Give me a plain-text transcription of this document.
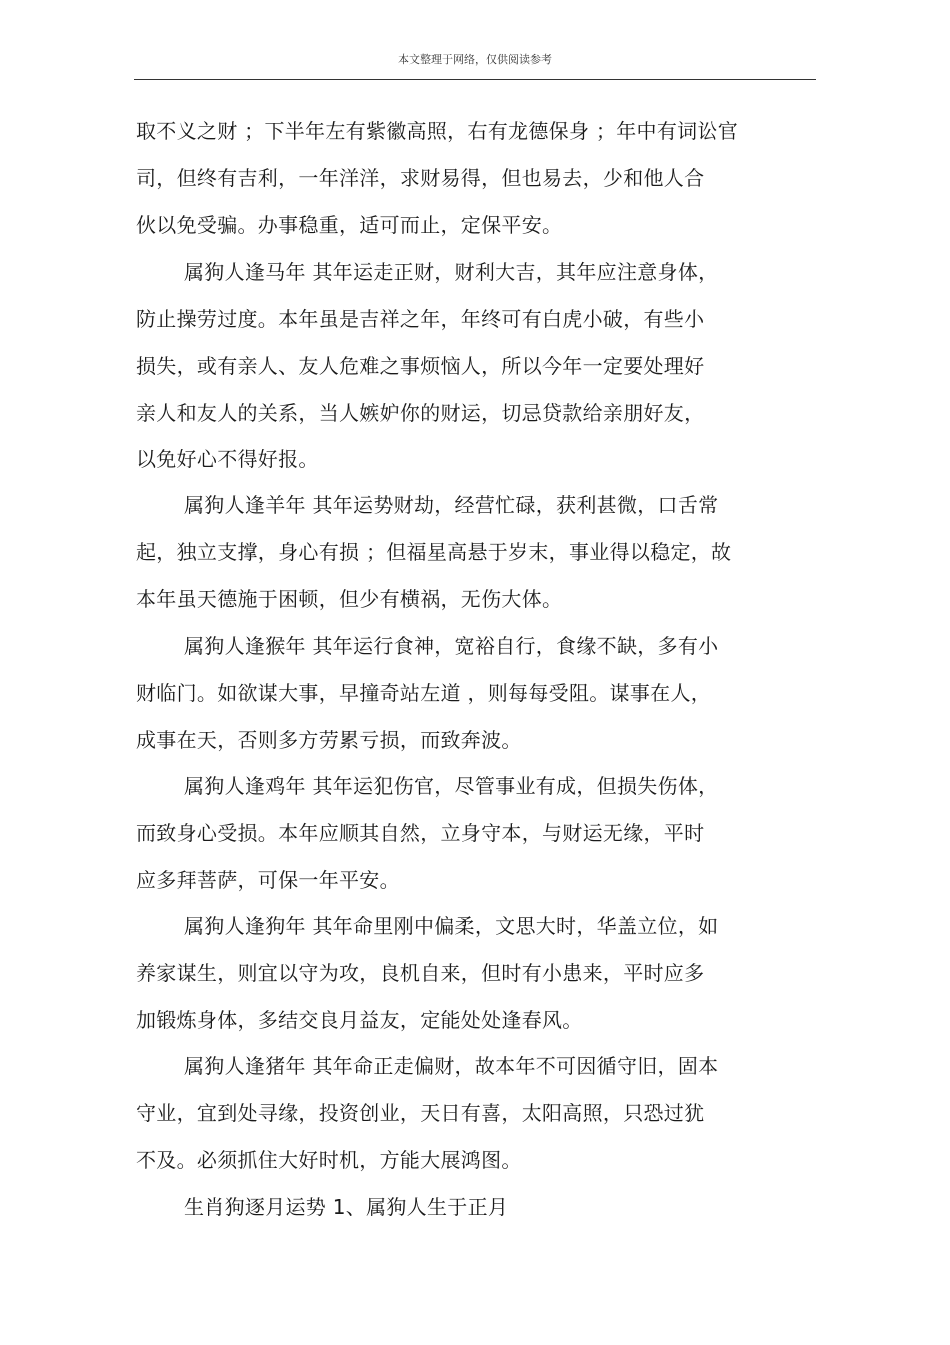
$^{本文整理于网络,仅供阅读参考}$
取不义之财 ；下半年左有紫徽高照，右有龙德保身 ；年中有词讼官
司，但终有吉利，一年洋洋，求财易得，但也易去，少和他人合
伙以免受骗。办事稳重，适可而止，定保平安。
属狗人逢马年 其年运走正财，财利大吉，其年应注意身体，
防止操劳过度。本年虽是吉祥之年，年终可有白虎小破，有些小
损失，或有亲人、友人危难之事烦恼人，所以今年一定要处理好
亲人和友人的关系，当人嫉妒你的财运，切忌贷款给亲朋好友，
以免好心不得好报。
属狗人逢羊年 其年运势财劫，经营忙碌，获利甚微，口舌常
起，独立支撑，身心有损 ；但福星高悬于岁末，事业得以稳定，故
本年虽天德施于困顿，但少有横祸，无伤大体。
属狗人逢猴年 其年运行食神，宽裕自行，食缘不缺，多有小
财临门。如欲谋大事，早撞奇站左道 ，则每每受阻。谋事在人，
成事在天，否则多方劳累亏损，而致奔波。
属狗人逢鸡年 其年运犯伤官，尽管事业有成，但损失伤体，
而致身心受损。本年应顺其自然，立身守本，与财运无缘，平时
应多拜菩萨，可保一年平安。
属狗人逢狗年 其年命里刚中偏柔，文思大时，华盖立位，如
养家谋生，则宜以守为攻，良机自来，但时有小患来，平时应多
加锻炼身体，多结交良月益友，定能处处逢春风。
属狗人逢猪年 其年命正走偏财，故本年不可因循守旧，固本
守业，宜到处寻缘，投资创业，天日有喜，太阳高照，只恐过犹
不及。必须抓住大好时机，方能大展鸿图。
生肖狗逐月运势 1、属狗人生于正月
